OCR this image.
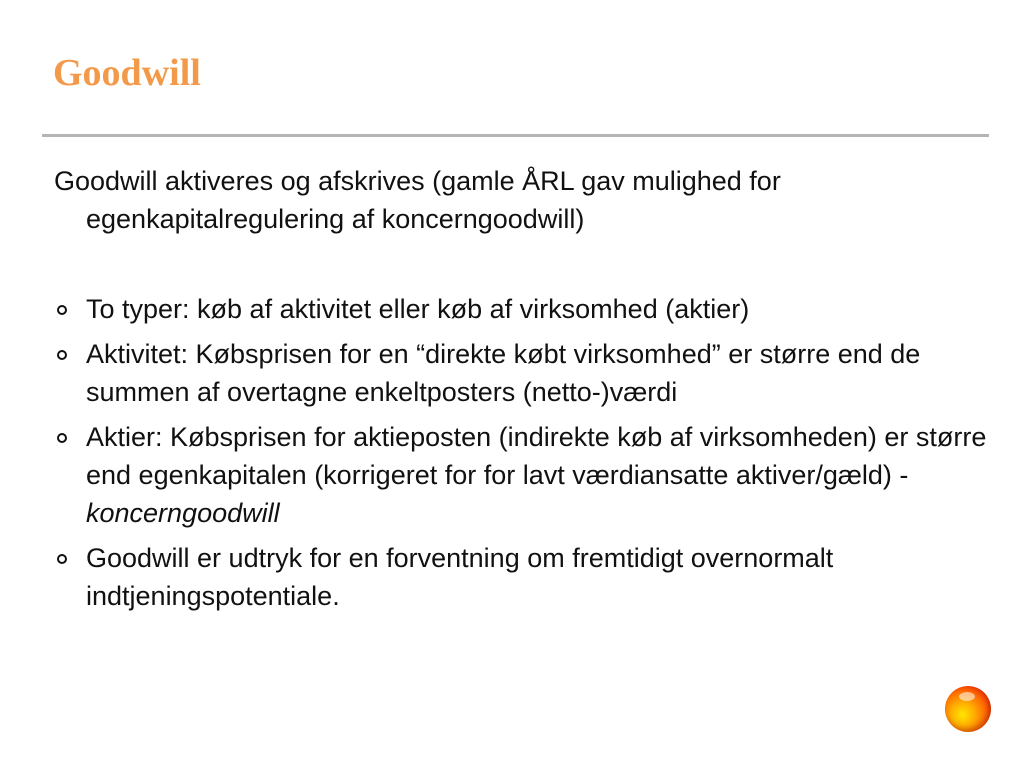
Goodwill

Goodwill aktiveres og afskrives (gamle ÅRL gav mulighed for egenkapitalregulering af koncerngoodwill)

To typer: køb af aktivitet eller køb af virksomhed (aktier)

Aktivitet: Købsprisen for en “direkte købt virksomhed” er større end de summen af overtagne enkeltposters (netto-)værdi

Aktier: Købsprisen for aktieposten (indirekte køb af virksomheden) er større end egenkapitalen (korrigeret for for lavt værdiansatte aktiver/gæld) - koncerngoodwill

Goodwill er udtryk for en forventning om fremtidigt overnormalt indtjeningspotentiale.
